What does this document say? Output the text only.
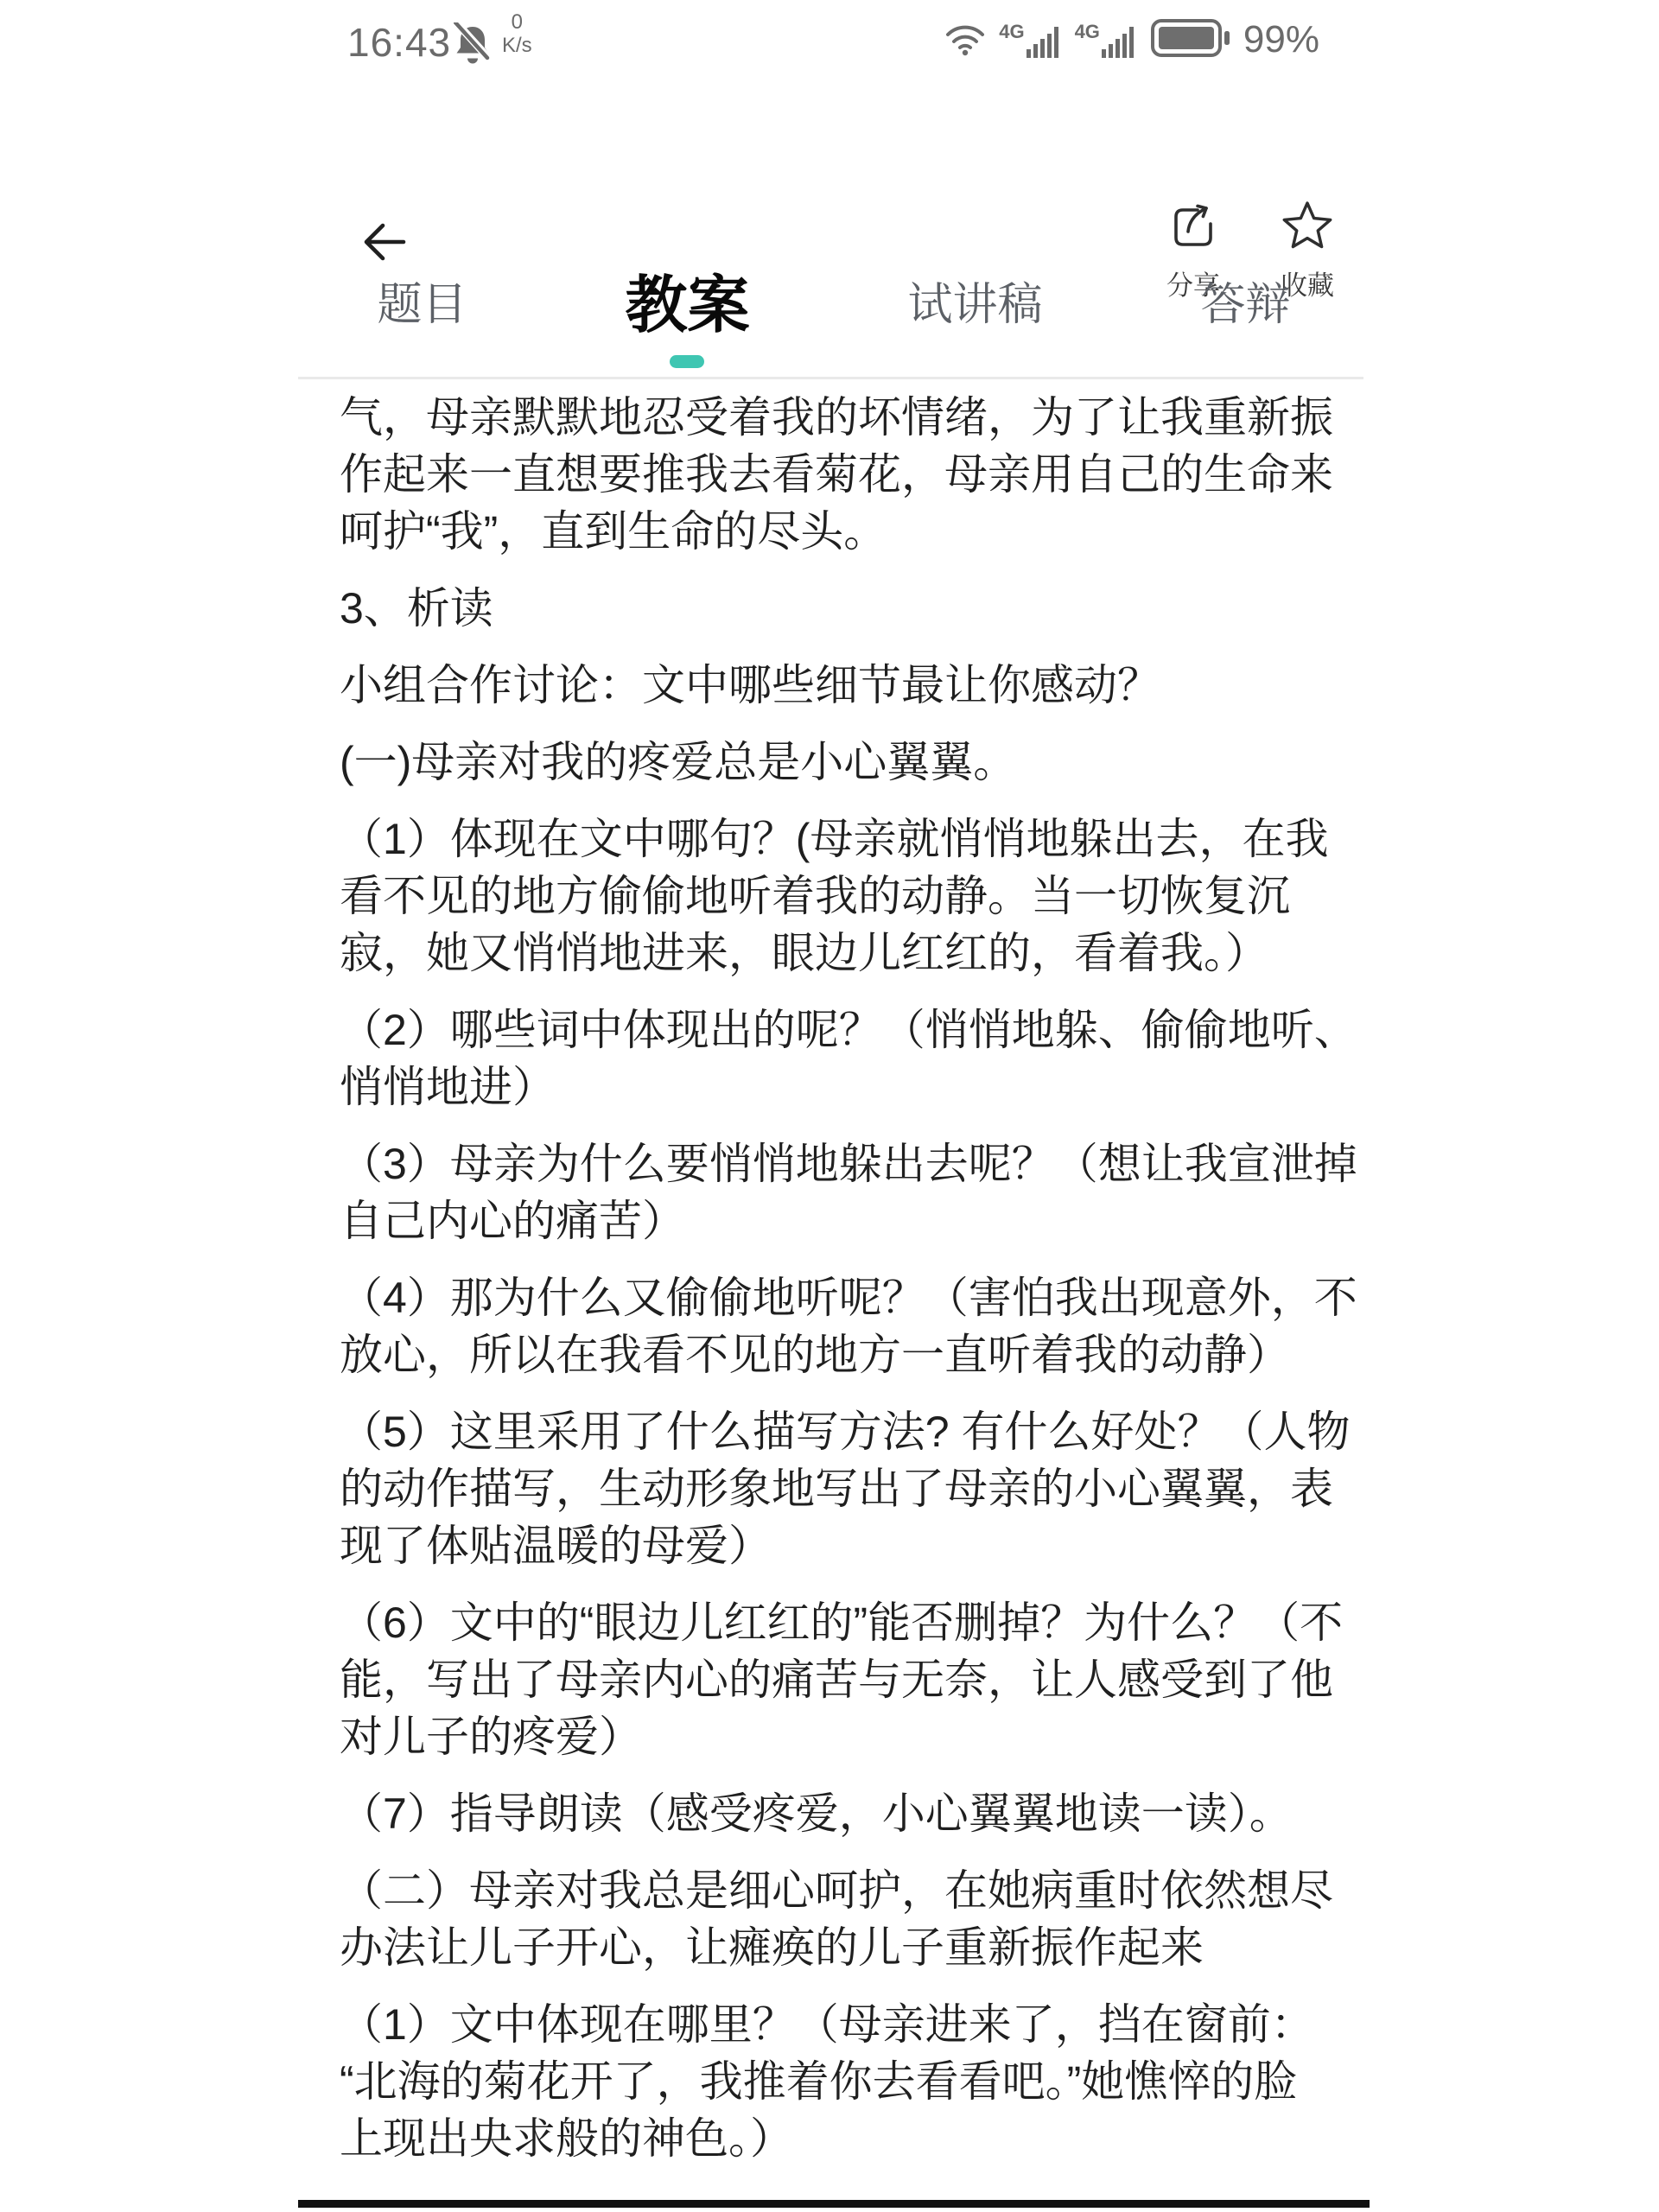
16:43	0
K/s
4G	4G	99%
分享 收藏
题目	教案	试讲稿	答辩

气，母亲默默地忍受着我的坏情绪，为了让我重新振
作起来一直想要推我去看菊花，母亲用自己的生命来
呵护“我”，直到生命的尽头。

3、析读

小组合作讨论：文中哪些细节最让你感动？

(一)母亲对我的疼爱总是小心翼翼。

（1）体现在文中哪句？(母亲就悄悄地躲出去，在我
看不见的地方偷偷地听着我的动静。当一切恢复沉
寂，她又悄悄地进来，眼边儿红红的，看着我。）

（2）哪些词中体现出的呢？（悄悄地躲、偷偷地听、
悄悄地进）

（3）母亲为什么要悄悄地躲出去呢？（想让我宣泄掉
自己内心的痛苦）

（4）那为什么又偷偷地听呢？（害怕我出现意外，不
放心，所以在我看不见的地方一直听着我的动静）

（5）这里采用了什么描写方法? 有什么好处？（人物
的动作描写，生动形象地写出了母亲的小心翼翼，表
现了体贴温暖的母爱）

（6）文中的“眼边儿红红的”能否删掉？为什么？（不
能，写出了母亲内心的痛苦与无奈，让人感受到了他
对儿子的疼爱）

（7）指导朗读（感受疼爱，小心翼翼地读一读）。

（二）母亲对我总是细心呵护，在她病重时依然想尽
办法让儿子开心，让瘫痪的儿子重新振作起来

（1）文中体现在哪里？（母亲进来了，挡在窗前：
“北海的菊花开了，我推着你去看看吧。”她憔悴的脸
上现出央求般的神色。）
